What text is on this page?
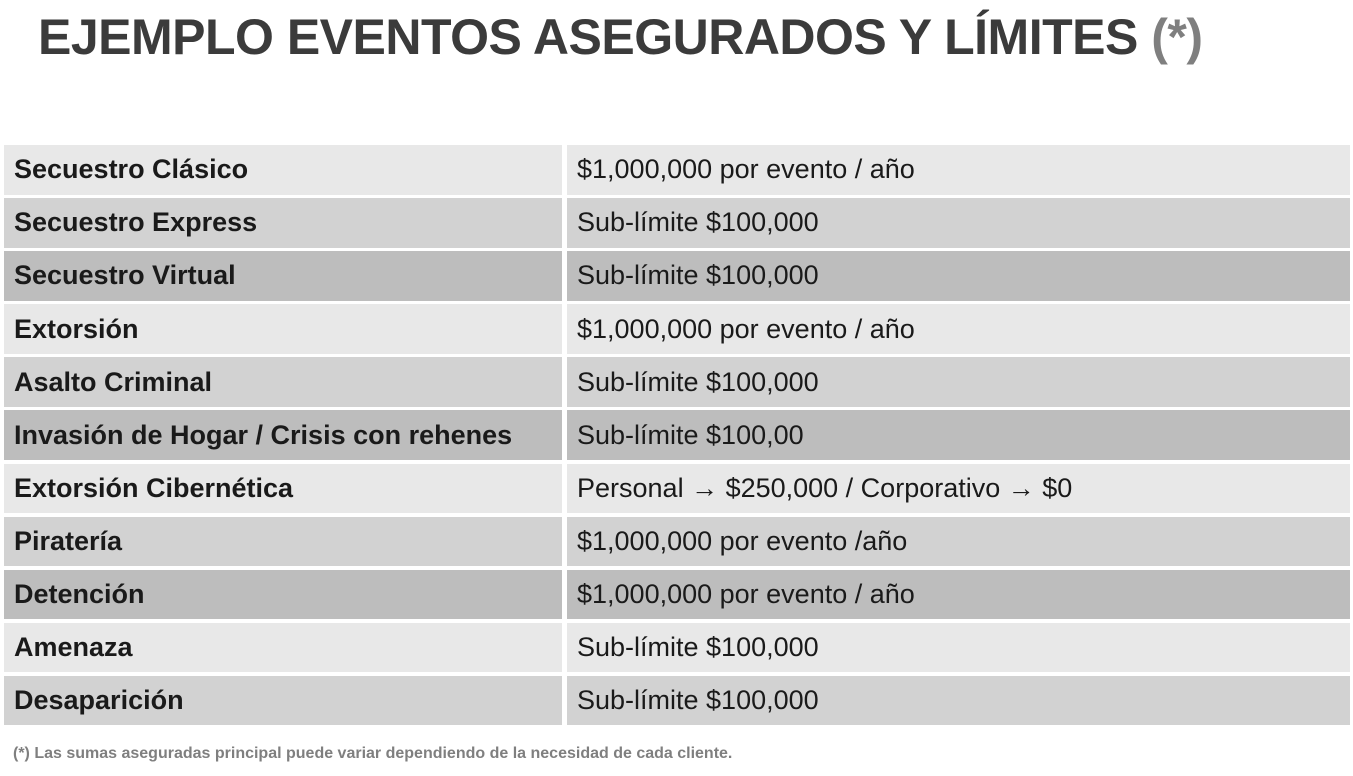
EJEMPLO EVENTOS ASEGURADOS Y LÍMITES (*)
Secuestro Clásico	$1,000,000 por evento / año
Secuestro Express	Sub-límite $100,000
Secuestro Virtual	Sub-límite $100,000
Extorsión	$1,000,000 por evento / año
Asalto Criminal	Sub-límite $100,000
Invasión de Hogar / Crisis con rehenes	Sub-límite $100,00
Extorsión Cibernética	Personal → $250,000 / Corporativo → $0
Piratería	$1,000,000 por evento /año
Detención	$1,000,000 por evento / año
Amenaza	Sub-límite $100,000
Desaparición	Sub-límite $100,000
(*) Las sumas aseguradas principal puede variar dependiendo de la necesidad de cada cliente.
